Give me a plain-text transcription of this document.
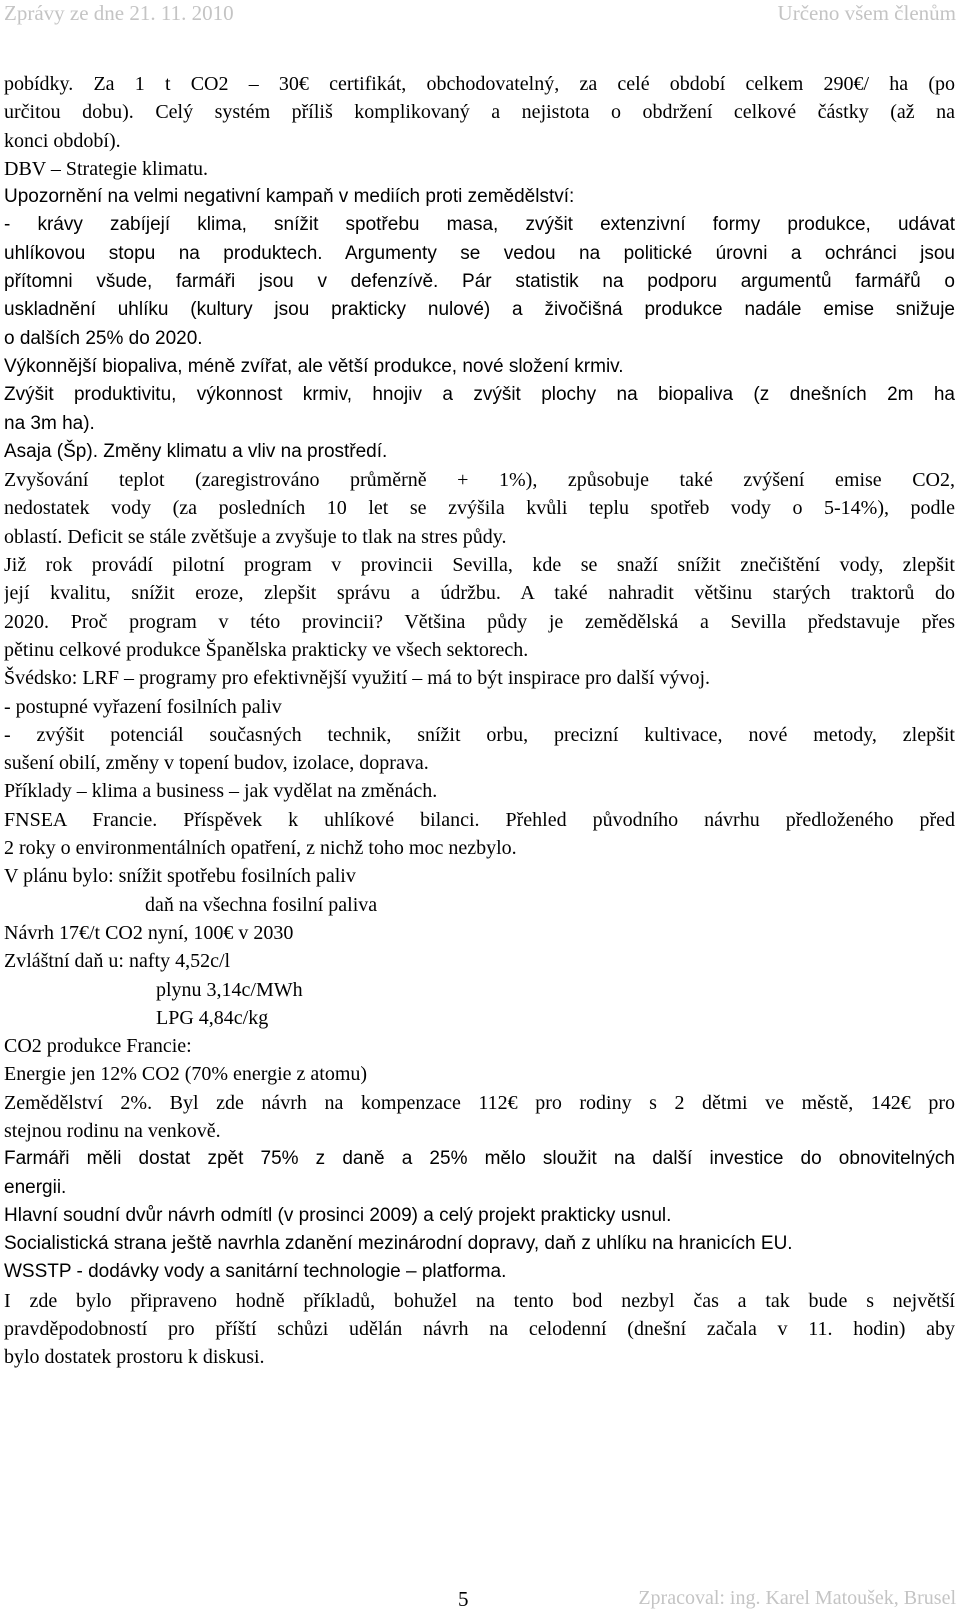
Zprávy ze dne 21. 11. 2010	Určeno všem členům
pobídky. Za 1 t CO2 – 30€ certifikát, obchodovatelný, za celé období celkem 290€/ ha (po
určitou dobu). Celý systém příliš komplikovaný a nejistota o obdržení celkové částky (až na
konci období).
DBV – Strategie klimatu.
Upozornění na velmi negativní kampaň v mediích proti zemědělství:
- krávy zabíjejí klima, snížit spotřebu masa, zvýšit extenzivní formy produkce, udávat
uhlíkovou stopu na produktech. Argumenty se vedou na politické úrovni a ochránci jsou
přítomni všude, farmáři jsou v defenzívě. Pár statistik na podporu argumentů farmářů o
uskladnění uhlíku (kultury jsou prakticky nulové) a živočišná produkce nadále emise snižuje
o dalších 25% do 2020.
Výkonnější biopaliva, méně zvířat, ale větší produkce, nové složení krmiv.
Zvýšit produktivitu, výkonnost krmiv, hnojiv a zvýšit plochy na biopaliva (z dnešních 2m ha
na 3m ha).
Asaja (Šp). Změny klimatu a vliv na prostředí.
Zvyšování teplot (zaregistrováno průměrně + 1%), způsobuje také zvýšení emise CO2,
nedostatek vody (za posledních 10 let se zvýšila kvůli teplu spotřeb vody o 5-14%), podle
oblastí. Deficit se stále zvětšuje a zvyšuje to tlak na stres půdy.
Již rok provádí pilotní program v provincii Sevilla, kde se snaží snížit znečištění vody, zlepšit
její kvalitu, snížit eroze, zlepšit správu a údržbu. A také nahradit většinu starých traktorů do
2020. Proč program v této provincii? Většina půdy je zemědělská a Sevilla představuje přes
pětinu celkové produkce Španělska prakticky ve všech sektorech.
Švédsko: LRF – programy pro efektivnější využití – má to být inspirace pro další vývoj.
- postupné vyřazení fosilních paliv
- zvýšit potenciál současných technik, snížit orbu, precizní kultivace, nové metody, zlepšit
sušení obilí, změny v topení budov, izolace, doprava.
Příklady – klima a business – jak vydělat na změnách.
FNSEA Francie. Příspěvek k uhlíkové bilanci. Přehled původního návrhu předloženého před
2 roky o environmentálních opatření, z nichž toho moc nezbylo.
V plánu bylo: snížit spotřebu fosilních paliv
daň na všechna fosilní paliva
Návrh 17€/t CO2 nyní, 100€ v 2030
Zvláštní daň u: nafty 4,52c/l
plynu 3,14c/MWh
LPG 4,84c/kg
CO2 produkce Francie:
Energie jen 12% CO2 (70% energie z atomu)
Zemědělství 2%. Byl zde návrh na kompenzace 112€ pro rodiny s 2 dětmi ve městě, 142€ pro
stejnou rodinu na venkově.
Farmáři měli dostat zpět 75% z daně a 25% mělo sloužit na další investice do obnovitelných
energii.
Hlavní soudní dvůr návrh odmítl (v prosinci 2009) a celý projekt prakticky usnul.
Socialistická strana ještě navrhla zdanění mezinárodní dopravy, daň z uhlíku na hranicích EU.
WSSTP - dodávky vody a sanitární technologie – platforma.
I zde bylo připraveno hodně příkladů, bohužel na tento bod nezbyl čas a tak bude s největší
pravděpodobností pro příští schůzi udělán návrh na celodenní (dnešní začala v 11. hodin) aby
bylo dostatek prostoru k diskusi.
5	Zpracoval: ing. Karel Matoušek, Brusel
